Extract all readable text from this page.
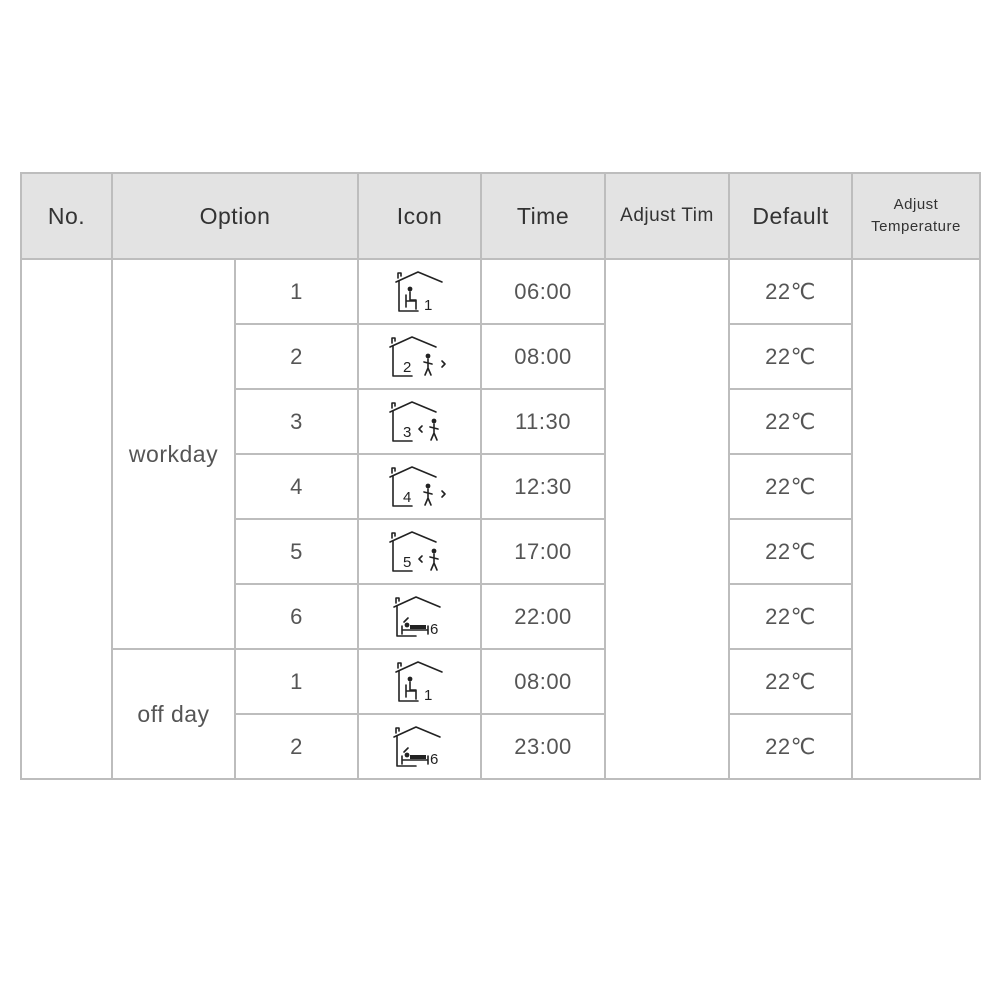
No.	Option		Icon	Time	Adjust Tim	Default	Adjust
Temperature
	workday	1	1	06:00		22℃	
		2	2	08:00		22℃	
		3	3	11:30		22℃	
		4	4	12:30		22℃	
		5	5	17:00		22℃	
		6	6	22:00		22℃	
	off day	1	1	08:00		22℃	
		2	6	23:00		22℃	
